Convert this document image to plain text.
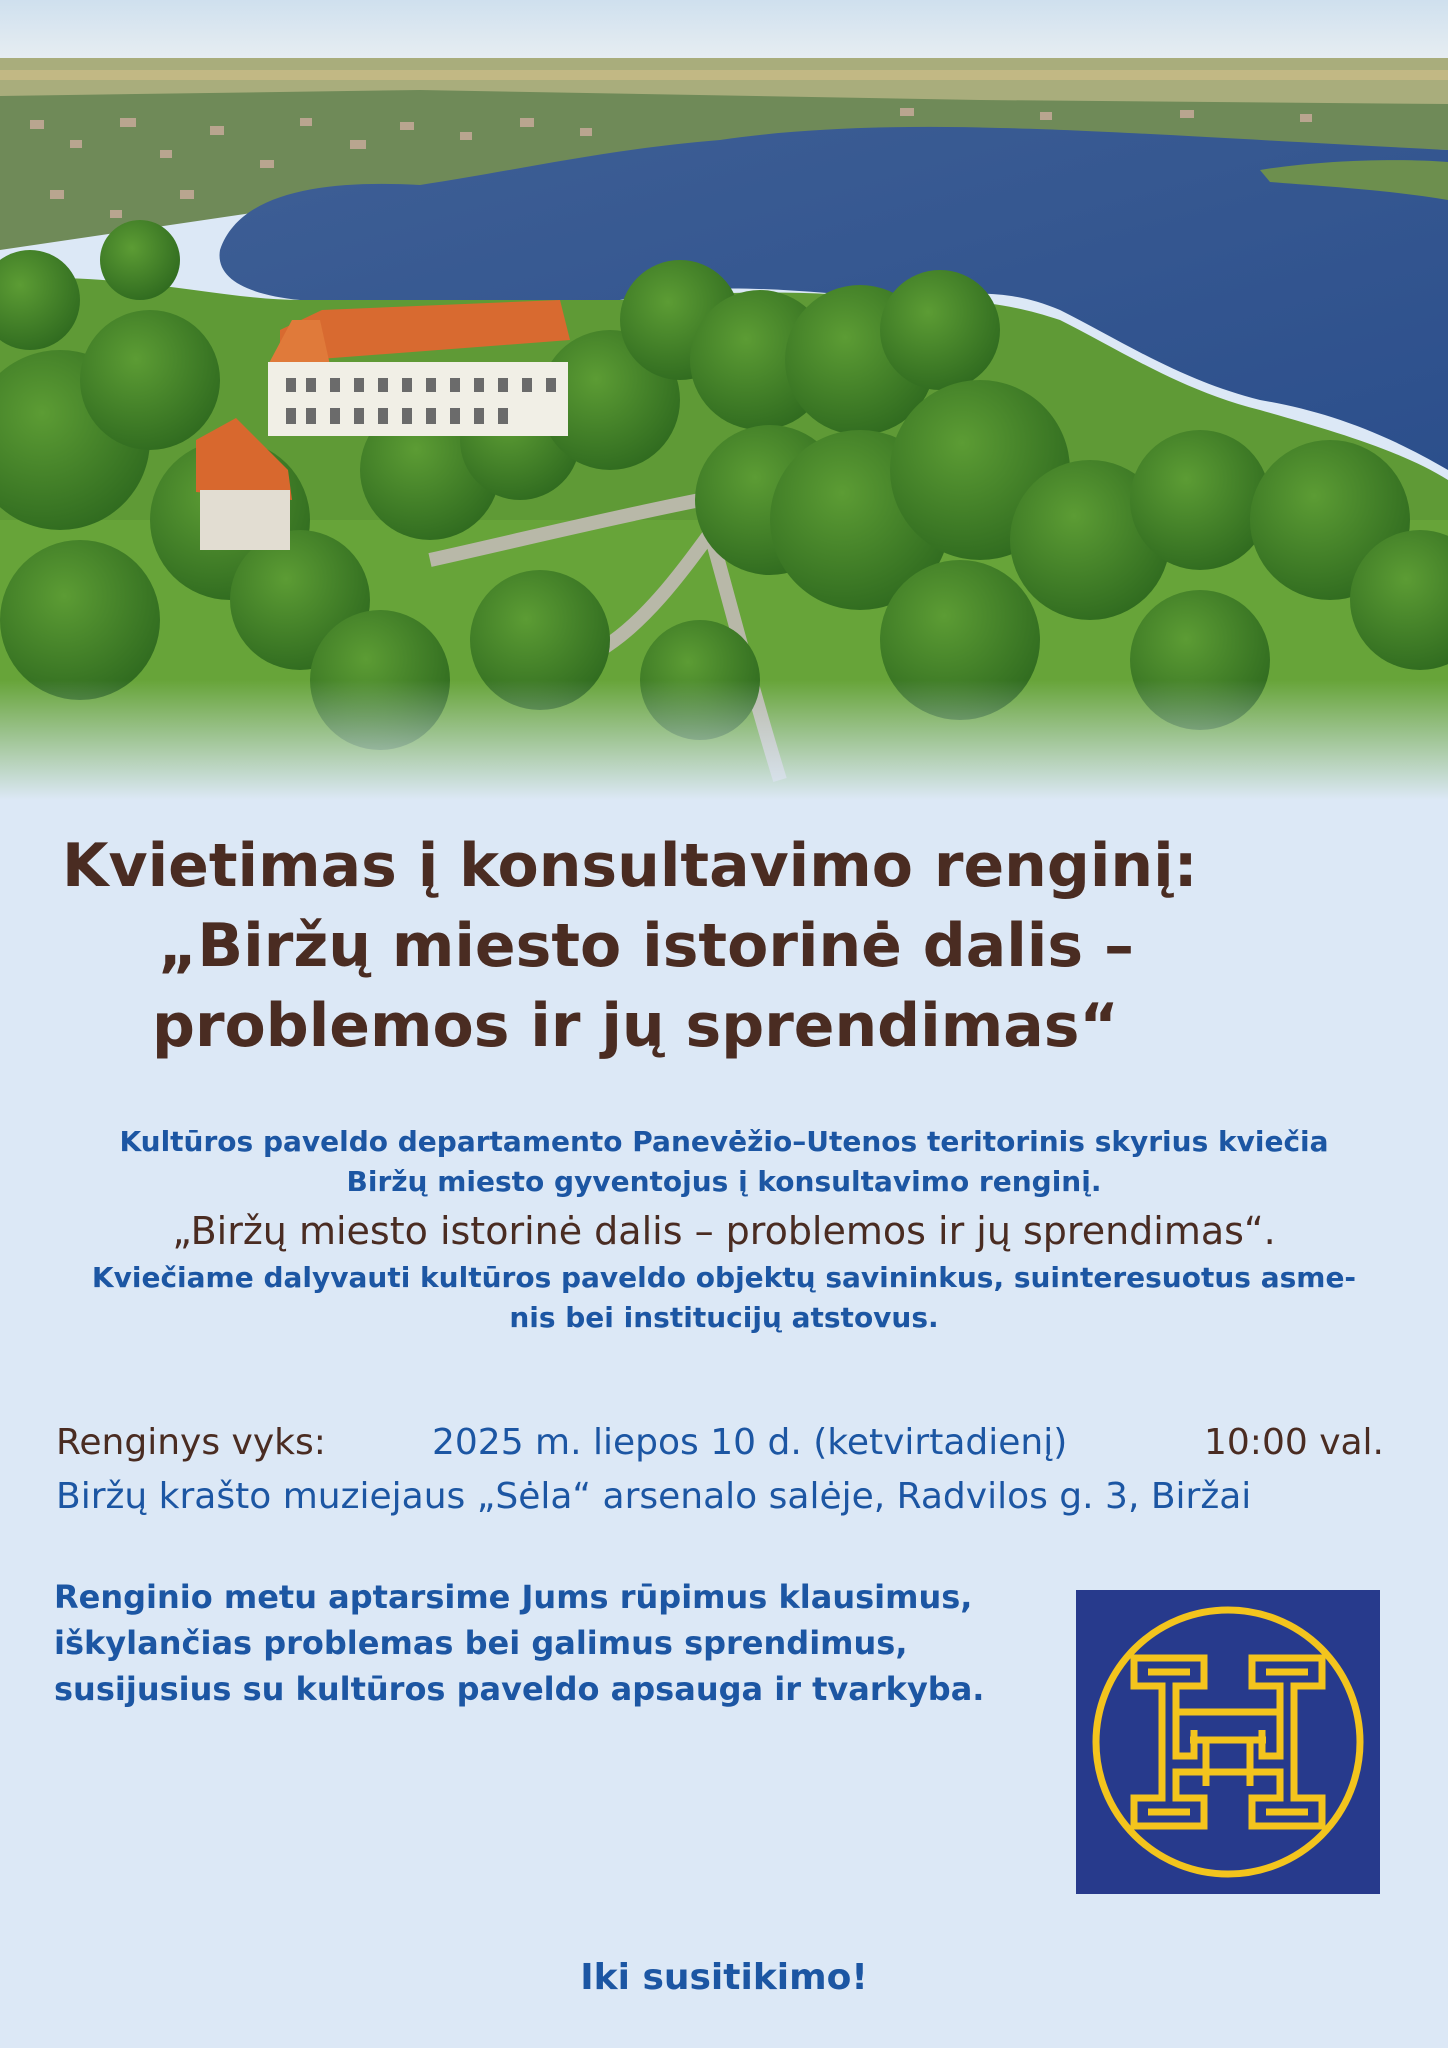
Kvietimas į konsultavimo renginį:
„Biržų miesto istorinė dalis –
problemos ir jų sprendimas“
Kultūros paveldo departamento Panevėžio–Utenos teritorinis skyrius kviečia
Biržų miesto gyventojus į konsultavimo renginį.
„Biržų miesto istorinė dalis – problemos ir jų sprendimas“.
Kviečiame dalyvauti kultūros paveldo objektų savininkus, suinteresuotus asme-
nis bei institucijų atstovus.
Renginys vyks:	2025 m. liepos 10 d. (ketvirtadienį)	10:00 val.
Biržų krašto muziejaus „Sėla“ arsenalo salėje, Radvilos g. 3, Biržai
Renginio metu aptarsime Jums rūpimus klausimus,
iškylančias problemas bei galimus sprendimus,
susijusius su kultūros paveldo apsauga ir tvarkyba.
Iki susitikimo!
